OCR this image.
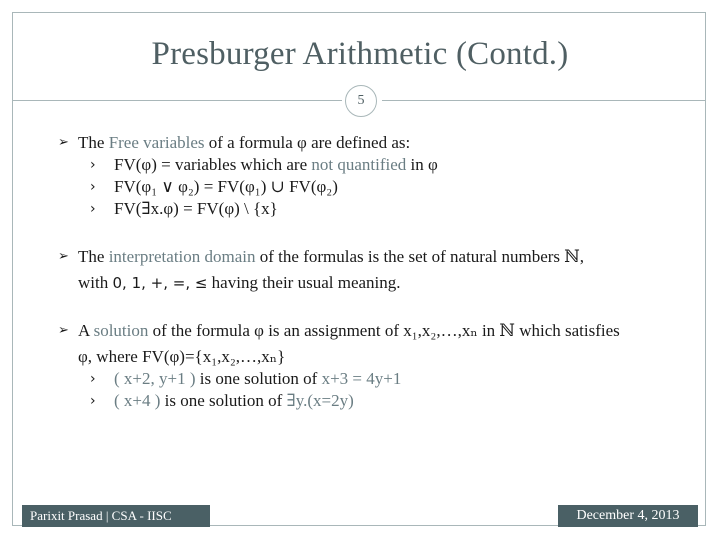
Presburger Arithmetic (Contd.)
5
➢ The Free variables of a formula φ are defined as:
› FV(φ) = variables which are not quantified in φ
› FV(φ₁ ∨ φ₂) = FV(φ₁) ∪ FV(φ₂)
› FV(∃x.φ) = FV(φ) \ {x}
➢ The interpretation domain of the formulas is the set of natural numbers ℕ,
with 0, 1, +, =, ≤ having their usual meaning.
➢ A solution of the formula φ is an assignment of x₁,x₂,…,xₙ in ℕ which satisfies
φ, where FV(φ)={x₁,x₂,…,xₙ}
› ( x+2, y+1 ) is one solution of x+3 = 4y+1
› ( x+4 ) is one solution of ∃y.(x=2y)
Parixit Prasad | CSA - IISC	December 4, 2013
